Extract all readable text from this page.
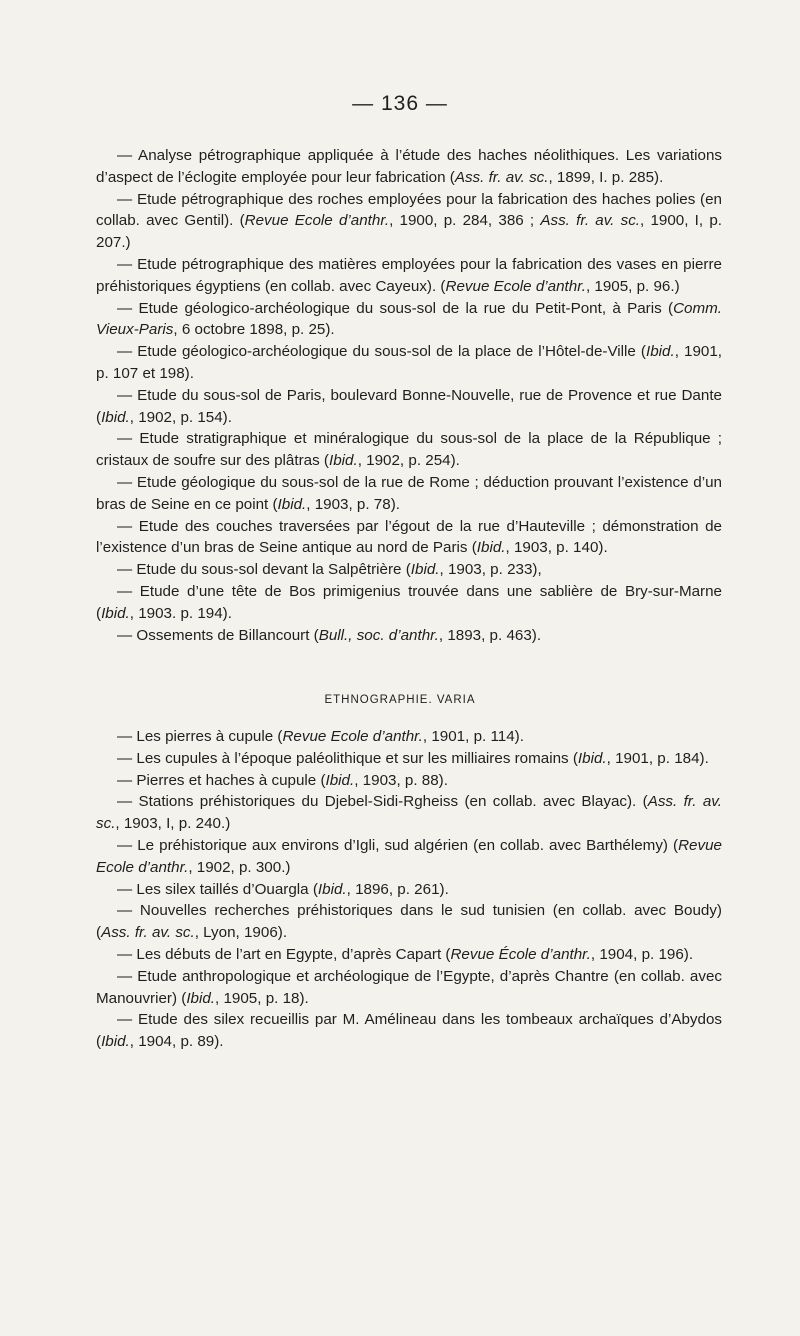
— 136 —

— Analyse pétrographique appliquée à l’étude des haches néolithiques. Les variations d’aspect de l’éclogite employée pour leur fabrication (Ass. fr. av. sc., 1899, I. p. 285).

— Etude pétrographique des roches employées pour la fabrication des haches polies (en collab. avec Gentil). (Revue Ecole d’anthr., 1900, p. 284, 386 ; Ass. fr. av. sc., 1900, I, p. 207.)

— Etude pétrographique des matières employées pour la fabrication des vases en pierre préhistoriques égyptiens (en collab. avec Cayeux). (Revue Ecole d’anthr., 1905, p. 96.)

— Etude géologico-archéologique du sous-sol de la rue du Petit-Pont, à Paris (Comm. Vieux-Paris, 6 octobre 1898, p. 25).

— Etude géologico-archéologique du sous-sol de la place de l’Hôtel-de-Ville (Ibid., 1901, p. 107 et 198).

— Etude du sous-sol de Paris, boulevard Bonne-Nouvelle, rue de Provence et rue Dante (Ibid., 1902, p. 154).

— Etude stratigraphique et minéralogique du sous-sol de la place de la République ; cristaux de soufre sur des plâtras (Ibid., 1902, p. 254).

— Etude géologique du sous-sol de la rue de Rome ; déduction prouvant l’existence d’un bras de Seine en ce point (Ibid., 1903, p. 78).

— Etude des couches traversées par l’égout de la rue d’Hauteville ; démonstration de l’existence d’un bras de Seine antique au nord de Paris (Ibid., 1903, p. 140).

— Etude du sous-sol devant la Salpêtrière (Ibid., 1903, p. 233),

— Etude d’une tête de Bos primigenius trouvée dans une sablière de Bry-sur-Marne (Ibid., 1903. p. 194).

— Ossements de Billancourt (Bull., soc. d’anthr., 1893, p. 463).

ETHNOGRAPHIE. VARIA

— Les pierres à cupule (Revue Ecole d’anthr., 1901, p. 114).

— Les cupules à l’époque paléolithique et sur les milliaires romains (Ibid., 1901, p. 184).

— Pierres et haches à cupule (Ibid., 1903, p. 88).

— Stations préhistoriques du Djebel-Sidi-Rgheiss (en collab. avec Blayac). (Ass. fr. av. sc., 1903, I, p. 240.)

— Le préhistorique aux environs d’Igli, sud algérien (en collab. avec Barthélemy) (Revue Ecole d’anthr., 1902, p. 300.)

— Les silex taillés d’Ouargla (Ibid., 1896, p. 261).

— Nouvelles recherches préhistoriques dans le sud tunisien (en collab. avec Boudy) (Ass. fr. av. sc., Lyon, 1906).

— Les débuts de l’art en Egypte, d’après Capart (Revue École d’anthr., 1904, p. 196).

— Etude anthropologique et archéologique de l’Egypte, d’après Chantre (en collab. avec Manouvrier) (Ibid., 1905, p. 18).

— Etude des silex recueillis par M. Amélineau dans les tombeaux archaïques d’Abydos (Ibid., 1904, p. 89).
